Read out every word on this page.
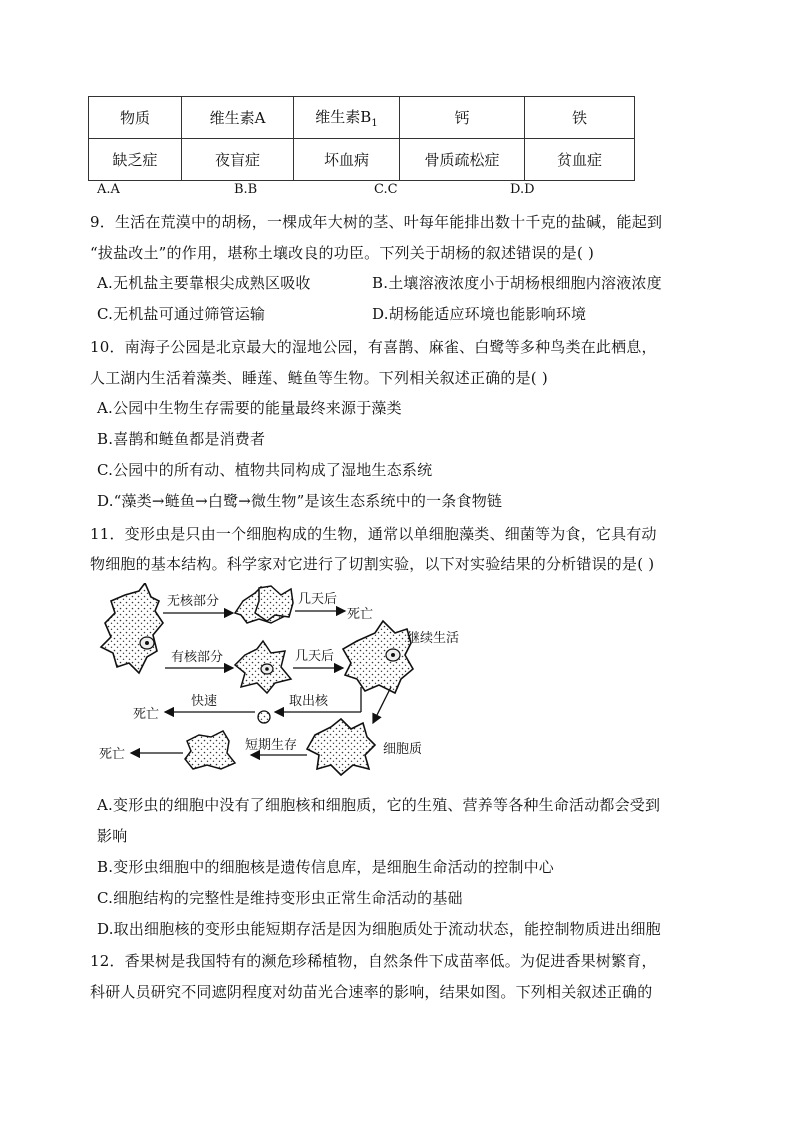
物质	维生素A	维生素$B_1$	钙	铁
缺乏症	夜盲症	坏血病	骨质疏松症	贫血症
A.A	B.B	C.C	D.D
9．生活在荒漠中的胡杨，一棵成年大树的茎、叶每年能排出数十千克的盐碱，能起到
“拔盐改土”的作用，堪称土壤改良的功臣。下列关于胡杨的叙述错误的是( )
A.无机盐主要靠根尖成熟区吸收	B.土壤溶液浓度小于胡杨根细胞内溶液浓度
C.无机盐可通过筛管运输	D.胡杨能适应环境也能影响环境
10．南海子公园是北京最大的湿地公园，有喜鹊、麻雀、白鹭等多种鸟类在此栖息，
人工湖内生活着藻类、睡莲、鲢鱼等生物。下列相关叙述正确的是( )
A.公园中生物生存需要的能量最终来源于藻类
B.喜鹊和鲢鱼都是消费者
C.公园中的所有动、植物共同构成了湿地生态系统
D.“藻类→鲢鱼→白鹭→微生物”是该生态系统中的一条食物链
11．变形虫是只由一个细胞构成的生物，通常以单细胞藻类、细菌等为食，它具有动
物细胞的基本结构。科学家对它进行了切割实验，以下对实验结果的分析错误的是( )
无核部分	几天后
死亡
有核部分	几天后
继续生活
取出核
快速
死亡
细胞质
短期生存
死亡
A.变形虫的细胞中没有了细胞核和细胞质，它的生殖、营养等各种生命活动都会受到
影响
B.变形虫细胞中的细胞核是遗传信息库，是细胞生命活动的控制中心
C.细胞结构的完整性是维持变形虫正常生命活动的基础
D.取出细胞核的变形虫能短期存活是因为细胞质处于流动状态，能控制物质进出细胞
12．香果树是我国特有的濒危珍稀植物，自然条件下成苗率低。为促进香果树繁育，
科研人员研究不同遮阴程度对幼苗光合速率的影响，结果如图。下列相关叙述正确的
